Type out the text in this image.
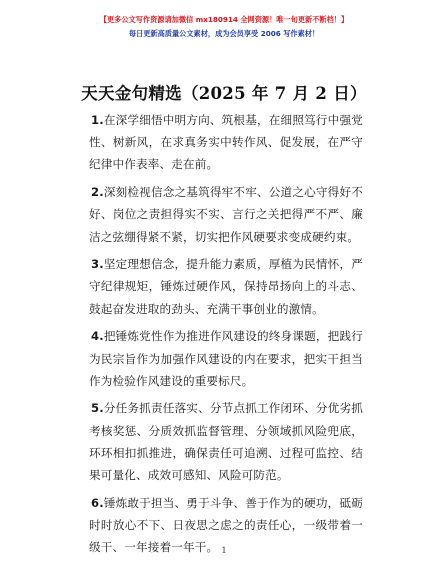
【更多公文写作资源请加微信 mx180914 全网资源！唯一旬更新不断档！】
每日更新高质量公文素材，成为会员享受 2006 写作素材！
天天金句精选（2025 年 7 月 2 日）

1.在深学细悟中明方向、筑根基，在细照笃行中强党性、树新风，在求真务实中转作风、促发展，在严守纪律中作表率、走在前。

2.深刻检视信念之基筑得牢不牢、公道之心守得好不好、岗位之责担得实不实、言行之关把得严不严、廉洁之弦绷得紧不紧，切实把作风硬要求变成硬约束。

3.坚定理想信念，提升能力素质，厚植为民情怀，严守纪律规矩，锤炼过硬作风，保持昂扬向上的斗志、鼓起奋发进取的劲头、充满干事创业的激情。

4.把锤炼党性作为推进作风建设的终身课题，把践行为民宗旨作为加强作风建设的内在要求，把实干担当作为检验作风建设的重要标尺。

5.分任务抓责任落实、分节点抓工作闭环、分优劣抓考核奖惩、分质效抓监督管理、分领域抓风险兜底，环环相扣抓推进，确保责任可追溯、过程可监控、结果可量化、成效可感知、风险可防范。

6.锤炼敢于担当、勇于斗争、善于作为的硬功，砥砺时时放心不下、日夜思之虑之的责任心，一级带着一级干、一年接着一年干。 1
